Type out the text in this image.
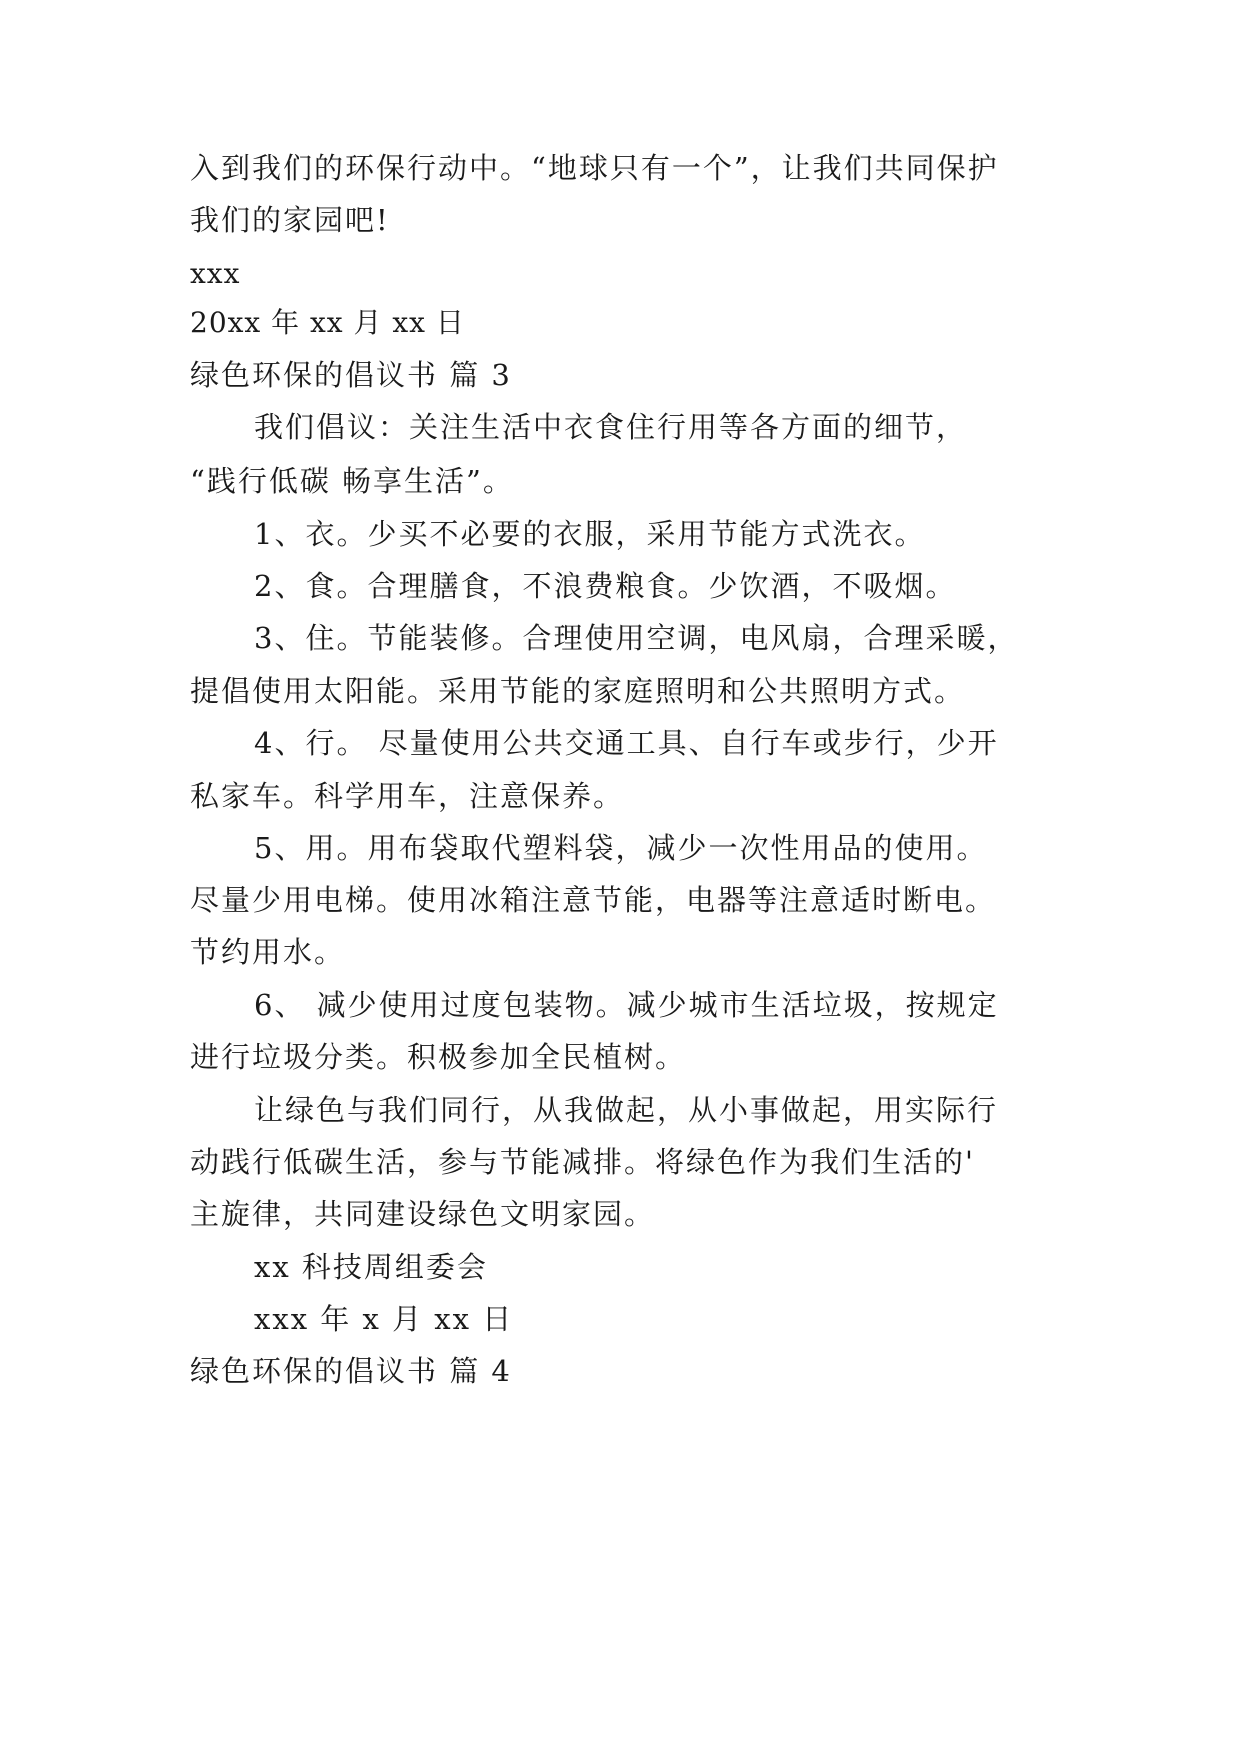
入到我们的环保行动中。“地球只有一个”，让我们共同保护
我们的家园吧!
xxx
20xx 年 xx 月 xx 日
绿色环保的倡议书 篇 3
我们倡议：关注生活中衣食住行用等各方面的细节，
“践行低碳 畅享生活”。
1、衣。少买不必要的衣服，采用节能方式洗衣。
2、食。合理膳食，不浪费粮食。少饮酒，不吸烟。
3、住。节能装修。合理使用空调，电风扇，合理采暖，
提倡使用太阳能。采用节能的家庭照明和公共照明方式。
4、行。 尽量使用公共交通工具、自行车或步行，少开
私家车。科学用车，注意保养。
5、用。用布袋取代塑料袋，减少一次性用品的使用。
尽量少用电梯。使用冰箱注意节能，电器等注意适时断电。
节约用水。
6、 减少使用过度包装物。减少城市生活垃圾，按规定
进行垃圾分类。积极参加全民植树。
让绿色与我们同行，从我做起，从小事做起，用实际行
动践行低碳生活，参与节能减排。将绿色作为我们生活的'
主旋律，共同建设绿色文明家园。
xx 科技周组委会
xxx 年 x 月 xx 日
绿色环保的倡议书 篇 4
